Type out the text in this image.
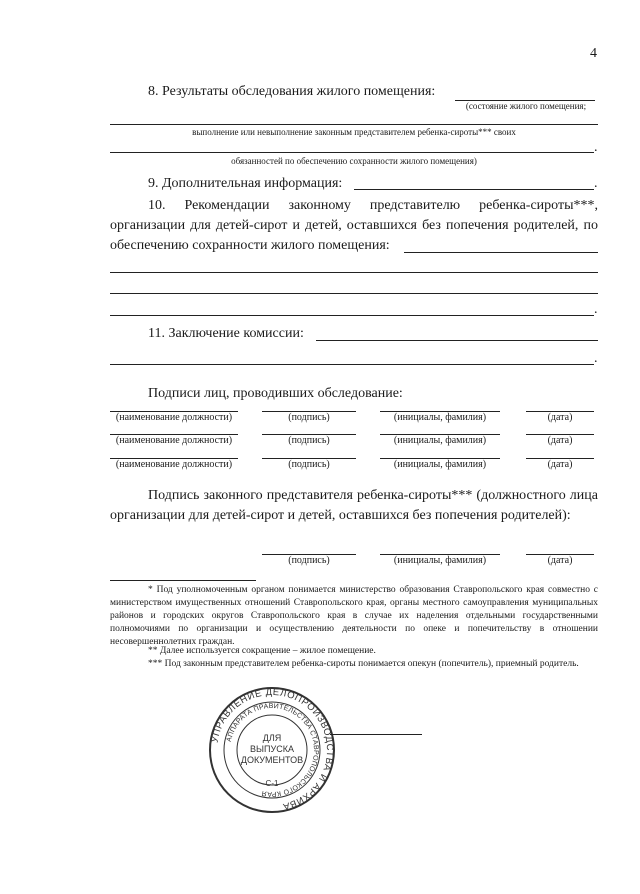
4
8. Результаты обследования жилого помещения:
(состояние жилого помещения;
выполнение или невыполнение законным представителем ребенка-сироты*** своих
.
обязанностей по обеспечению сохранности жилого помещения)
9. Дополнительная информация:	.
10. Рекомендации законному представителю ребенка-сироты***, организации для детей-сирот и детей, оставшихся без попечения родителей, по обеспечению сохранности жилого помещения:
.
11. Заключение комиссии:
.
Подписи лиц, проводивших обследование:
(наименование должности)	(подпись)	(инициалы, фамилия)	(дата)
(наименование должности)	(подпись)	(инициалы, фамилия)	(дата)
(наименование должности)	(подпись)	(инициалы, фамилия)	(дата)
Подпись законного представителя ребенка-сироты*** (должностного лица организации для детей-сирот и детей, оставшихся без попечения родителей):
(подпись)	(инициалы, фамилия)	(дата)
* Под уполномоченным органом понимается министерство образования Ставропольского края совместно с министерством имущественных отношений Ставропольского края, органы местного самоуправления муниципальных районов и городских округов Ставропольского края в случае их наделения отдельными государственными полномочиями по организации и осуществлению деятельности по опеке и попечительству в отношении несовершеннолетних граждан.
** Далее используется сокращение – жилое помещение.
*** Под законным представителем ребенка-сироты понимается опекун (попечитель), приемный родитель.
УПРАВЛЕНИЕ ДЕЛОПРОИЗВОДСТВА И АРХИВА
АППАРАТА ПРАВИТЕЛЬСТВА СТАВРОПОЛЬСКОГО КРАЯ
ДЛЯ
ВЫПУСКА
ДОКУМЕНТОВ
С-1
